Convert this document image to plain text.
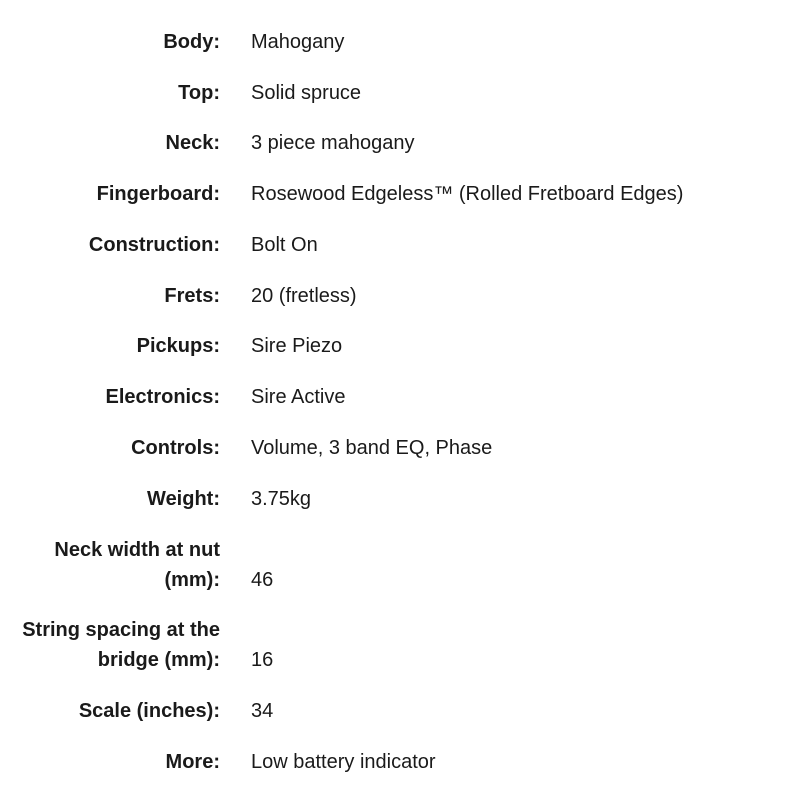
Body: Mahogany
Top: Solid spruce
Neck: 3 piece mahogany
Fingerboard: Rosewood Edgeless™ (Rolled Fretboard Edges)
Construction: Bolt On
Frets: 20 (fretless)
Pickups: Sire Piezo
Electronics: Sire Active
Controls: Volume, 3 band EQ, Phase
Weight: 3.75kg
Neck width at nut (mm): 46
String spacing at the bridge (mm): 16
Scale (inches): 34
More: Low battery indicator
